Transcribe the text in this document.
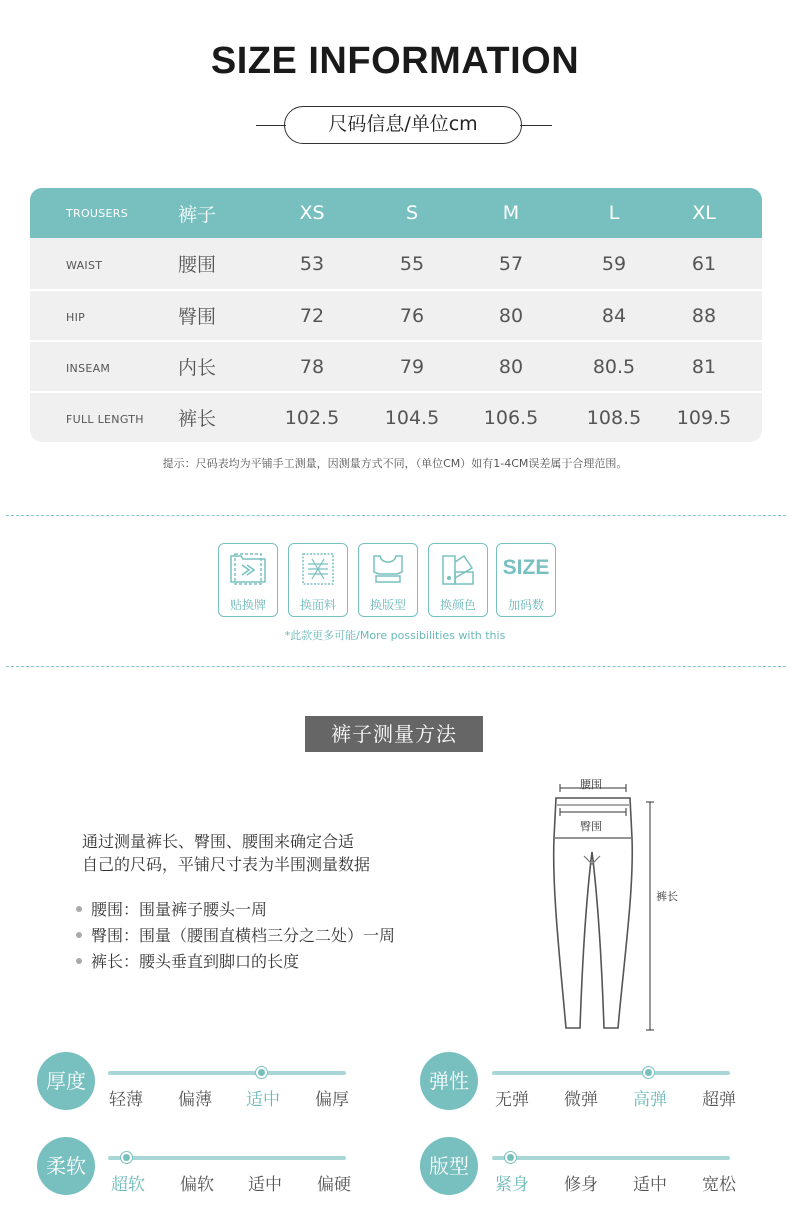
SIZE INFORMATION
尺码信息/单位cm
TROUSERS	裤子	XS	S	M	L	XL
WAIST	腰围	53	55	57	59	61
HIP	臀围	72	76	80	84	88
INSEAM	内长	78	79	80	80.5	81
FULL LENGTH 裤长	102.5	104.5	106.5	108.5	109.5
提示：尺码表均为平铺手工测量，因测量方式不同，（单位CM）如有1-4CM误差属于合理范围。
贴换牌	换面料	换版型	换颜色
SIZE
加码数
*此款更多可能/More possibilities with this
裤子测量方法
通过测量裤长、臀围、腰围来确定合适
自己的尺码，平铺尺寸表为半围测量数据
腰围：围量裤子腰头一周
臀围：围量（腰围直横档三分之二处）一周
裤长：腰头垂直到脚口的长度
腰围
臀围
裤长
厚度
轻薄	偏薄	适中	偏厚
弹性
无弹	微弹	高弹	超弹
柔软
超软	偏软	适中	偏硬
版型
紧身	修身	适中	宽松
